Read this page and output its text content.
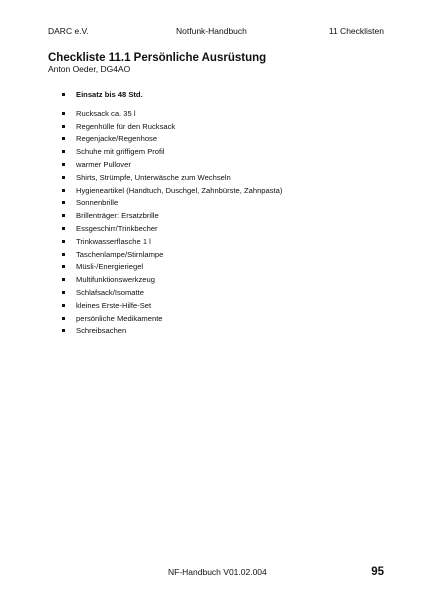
DARC e.V.	Notfunk-Handbuch	11 Checklisten
Checkliste 11.1 Persönliche Ausrüstung
Anton Oeder, DG4AO
Einsatz bis 48 Std.
Rucksack ca. 35 l
Regenhülle für den Rucksack
Regenjacke/Regenhose
Schuhe mit griffigem Profil
warmer Pullover
Shirts, Strümpfe, Unterwäsche zum Wechseln
Hygieneartikel (Handtuch, Duschgel, Zahnbürste, Zahnpasta)
Sonnenbrille
Brillenträger: Ersatzbrille
Essgeschirr/Trinkbecher
Trinkwasserflasche 1 l
Taschenlampe/Stirnlampe
Müsli-/Energieriegel
Multifunktionswerkzeug
Schlafsack/Isomatte
kleines Erste-Hilfe-Set
persönliche Medikamente
Schreibsachen
NF-Handbuch V01.02.004	95
